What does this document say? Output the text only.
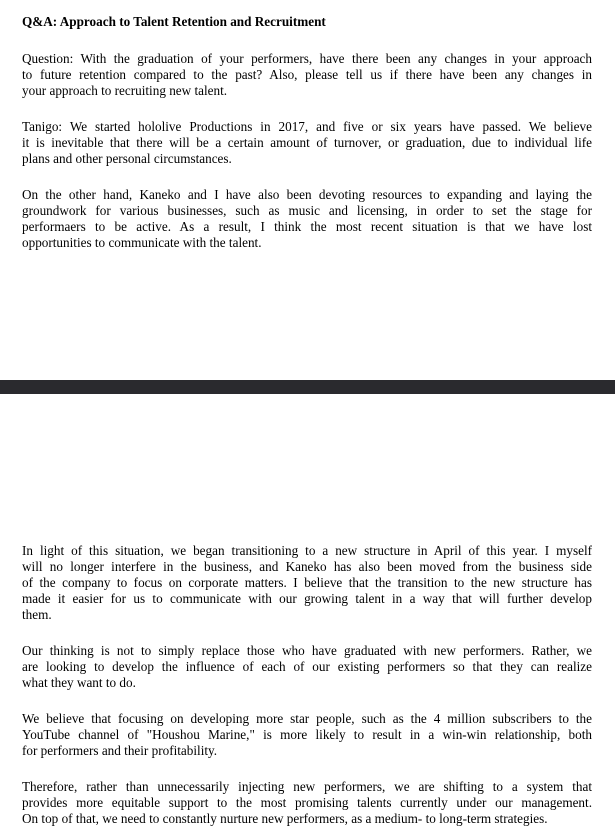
Q&A: Approach to Talent Retention and Recruitment
Question: With the graduation of your performers, have there been any changes in your approach
to future retention compared to the past? Also, please tell us if there have been any changes in
your approach to recruiting new talent.
Tanigo: We started hololive Productions in 2017, and five or six years have passed. We believe
it is inevitable that there will be a certain amount of turnover, or graduation, due to individual life
plans and other personal circumstances.
On the other hand, Kaneko and I have also been devoting resources to expanding and laying the
groundwork for various businesses, such as music and licensing, in order to set the stage for
performaers to be active. As a result, I think the most recent situation is that we have lost
opportunities to communicate with the talent.
In light of this situation, we began transitioning to a new structure in April of this year. I myself
will no longer interfere in the business, and Kaneko has also been moved from the business side
of the company to focus on corporate matters. I believe that the transition to the new structure has
made it easier for us to communicate with our growing talent in a way that will further develop
them.
Our thinking is not to simply replace those who have graduated with new performers. Rather, we
are looking to develop the influence of each of our existing performers so that they can realize
what they want to do.
We believe that focusing on developing more star people, such as the 4 million subscribers to the
YouTube channel of "Houshou Marine," is more likely to result in a win-win relationship, both
for performers and their profitability.
Therefore, rather than unnecessarily injecting new performers, we are shifting to a system that
provides more equitable support to the most promising talents currently under our management.
On top of that, we need to constantly nurture new performers, as a medium- to long-term strategies.
